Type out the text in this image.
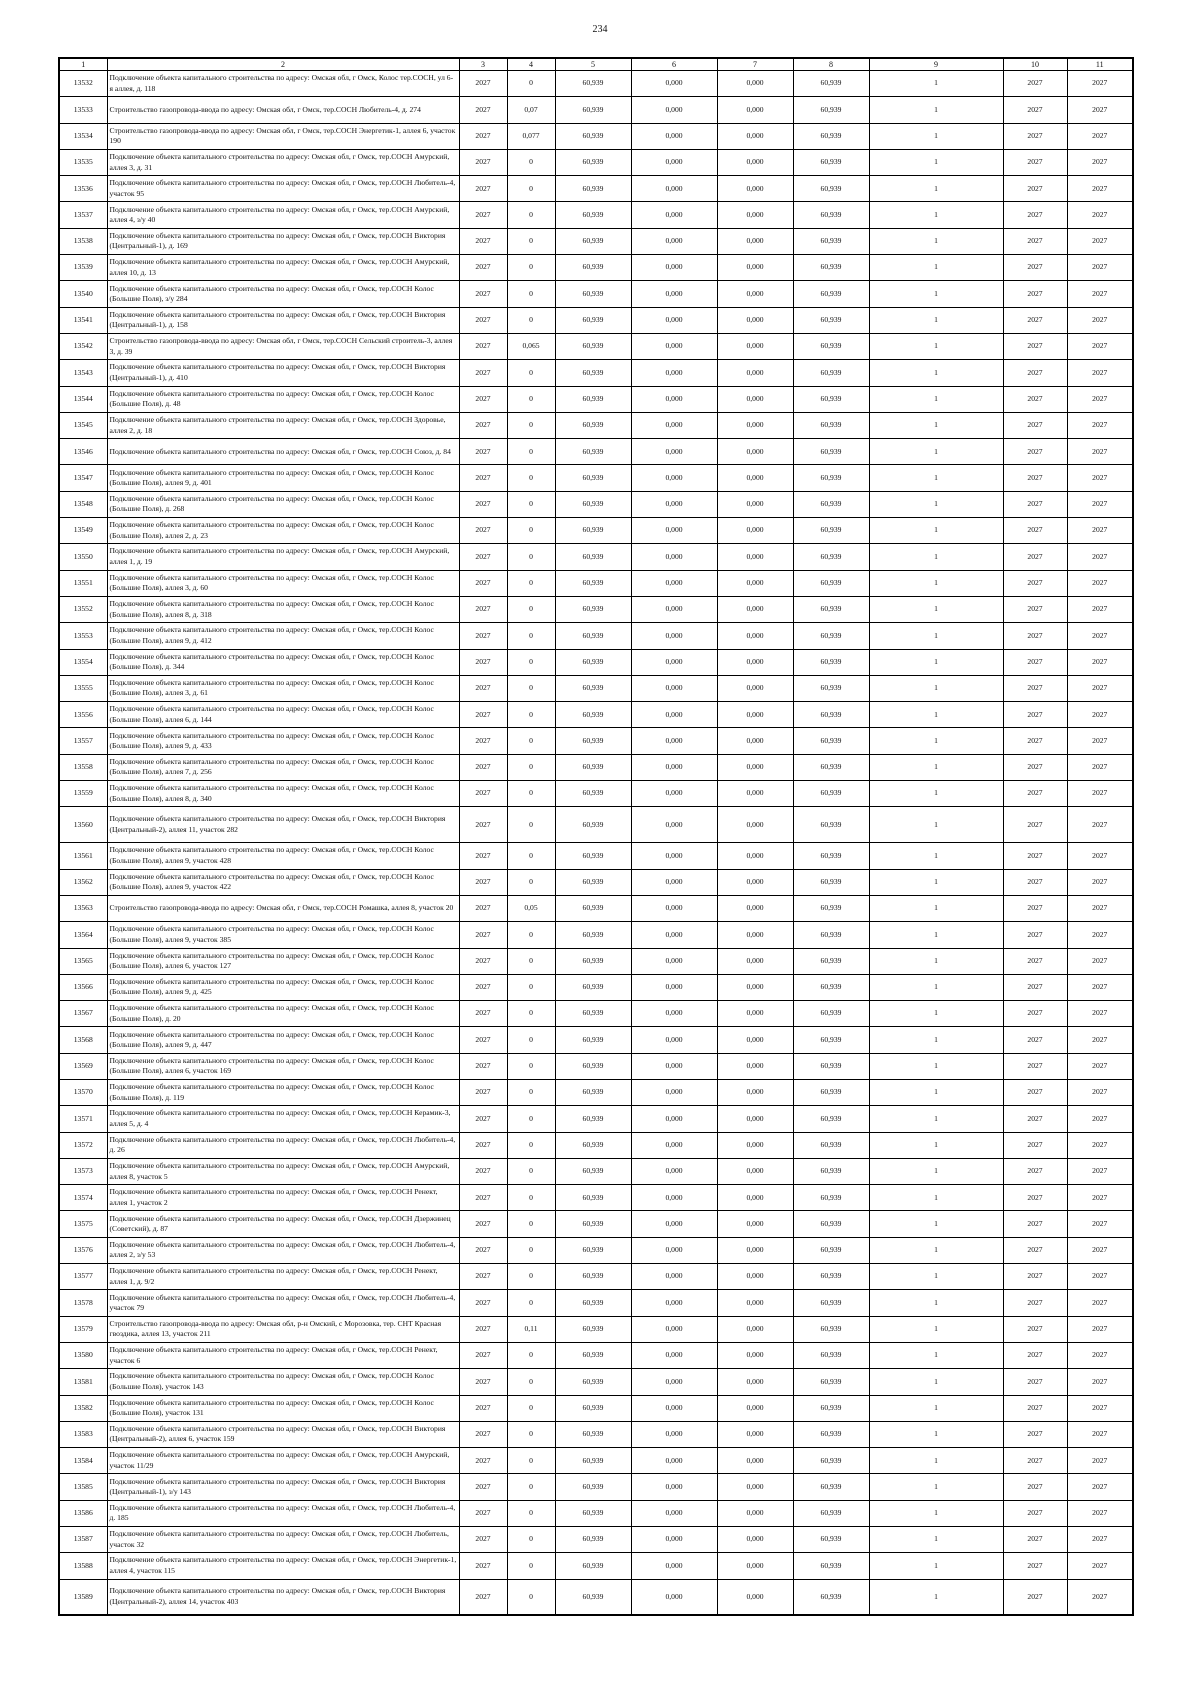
234
1	2	3	4	5	6	7	8	9	10	11
13532	Подключение объекта капитального строительства по адресу: Омская обл, г Омск, Колос тер.СОСН, ул 6-я аллея, д. 118	2027	0	60,939	0,000	0,000	60,939	1	2027	2027
13533	Строительство газопровода-ввода по адресу: Омская обл, г Омск, тер.СОСН Любитель-4, д. 274	2027	0,07	60,939	0,000	0,000	60,939	1	2027	2027
13534	Строительство газопровода-ввода по адресу: Омская обл, г Омск, тер.СОСН Энергетик-1, аллея 6, участок 190	2027	0,077	60,939	0,000	0,000	60,939	1	2027	2027
13535	Подключение объекта капитального строительства по адресу: Омская обл, г Омск, тер.СОСН Амурский, аллея 3, д. 31	2027	0	60,939	0,000	0,000	60,939	1	2027	2027
13536	Подключение объекта капитального строительства по адресу: Омская обл, г Омск, тер.СОСН Любитель-4, участок 95	2027	0	60,939	0,000	0,000	60,939	1	2027	2027
13537	Подключение объекта капитального строительства по адресу: Омская обл, г Омск, тер.СОСН Амурский, аллея 4, з/у 40	2027	0	60,939	0,000	0,000	60,939	1	2027	2027
13538	Подключение объекта капитального строительства по адресу: Омская обл, г Омск, тер.СОСН Виктория (Центральный-1), д. 169	2027	0	60,939	0,000	0,000	60,939	1	2027	2027
13539	Подключение объекта капитального строительства по адресу: Омская обл, г Омск, тер.СОСН Амурский, аллея 10, д. 13	2027	0	60,939	0,000	0,000	60,939	1	2027	2027
13540	Подключение объекта капитального строительства по адресу: Омская обл, г Омск, тер.СОСН Колос (Большие Поля), з/у 284	2027	0	60,939	0,000	0,000	60,939	1	2027	2027
13541	Подключение объекта капитального строительства по адресу: Омская обл, г Омск, тер.СОСН Виктория (Центральный-1), д. 158	2027	0	60,939	0,000	0,000	60,939	1	2027	2027
13542	Строительство газопровода-ввода по адресу: Омская обл, г Омск, тер.СОСН Сельский строитель-3, аллея 3, д. 39	2027	0,065	60,939	0,000	0,000	60,939	1	2027	2027
13543	Подключение объекта капитального строительства по адресу: Омская обл, г Омск, тер.СОСН Виктория (Центральный-1), д. 410	2027	0	60,939	0,000	0,000	60,939	1	2027	2027
13544	Подключение объекта капитального строительства по адресу: Омская обл, г Омск, тер.СОСН Колос (Большие Поля), д. 48	2027	0	60,939	0,000	0,000	60,939	1	2027	2027
13545	Подключение объекта капитального строительства по адресу: Омская обл, г Омск, тер.СОСН Здоровье, аллея 2, д. 18	2027	0	60,939	0,000	0,000	60,939	1	2027	2027
13546	Подключение объекта капитального строительства по адресу: Омская обл, г Омск, тер.СОСН Союз, д. 84	2027	0	60,939	0,000	0,000	60,939	1	2027	2027
13547	Подключение объекта капитального строительства по адресу: Омская обл, г Омск, тер.СОСН Колос (Большие Поля), аллея 9, д. 401	2027	0	60,939	0,000	0,000	60,939	1	2027	2027
13548	Подключение объекта капитального строительства по адресу: Омская обл, г Омск, тер.СОСН Колос (Большие Поля), д. 268	2027	0	60,939	0,000	0,000	60,939	1	2027	2027
13549	Подключение объекта капитального строительства по адресу: Омская обл, г Омск, тер.СОСН Колос (Большие Поля), аллея 2, д. 23	2027	0	60,939	0,000	0,000	60,939	1	2027	2027
13550	Подключение объекта капитального строительства по адресу: Омская обл, г Омск, тер.СОСН Амурский, аллея 1, д. 19	2027	0	60,939	0,000	0,000	60,939	1	2027	2027
13551	Подключение объекта капитального строительства по адресу: Омская обл, г Омск, тер.СОСН Колос (Большие Поля), аллея 3, д. 60	2027	0	60,939	0,000	0,000	60,939	1	2027	2027
13552	Подключение объекта капитального строительства по адресу: Омская обл, г Омск, тер.СОСН Колос (Большие Поля), аллея 8, д. 318	2027	0	60,939	0,000	0,000	60,939	1	2027	2027
13553	Подключение объекта капитального строительства по адресу: Омская обл, г Омск, тер.СОСН Колос (Большие Поля), аллея 9, д. 412	2027	0	60,939	0,000	0,000	60,939	1	2027	2027
13554	Подключение объекта капитального строительства по адресу: Омская обл, г Омск, тер.СОСН Колос (Большие Поля), д. 344	2027	0	60,939	0,000	0,000	60,939	1	2027	2027
13555	Подключение объекта капитального строительства по адресу: Омская обл, г Омск, тер.СОСН Колос (Большие Поля), аллея 3, д. 61	2027	0	60,939	0,000	0,000	60,939	1	2027	2027
13556	Подключение объекта капитального строительства по адресу: Омская обл, г Омск, тер.СОСН Колос (Большие Поля), аллея 6, д. 144	2027	0	60,939	0,000	0,000	60,939	1	2027	2027
13557	Подключение объекта капитального строительства по адресу: Омская обл, г Омск, тер.СОСН Колос (Большие Поля), аллея 9, д. 433	2027	0	60,939	0,000	0,000	60,939	1	2027	2027
13558	Подключение объекта капитального строительства по адресу: Омская обл, г Омск, тер.СОСН Колос (Большие Поля), аллея 7, д. 256	2027	0	60,939	0,000	0,000	60,939	1	2027	2027
13559	Подключение объекта капитального строительства по адресу: Омская обл, г Омск, тер.СОСН Колос (Большие Поля), аллея 8, д. 340	2027	0	60,939	0,000	0,000	60,939	1	2027	2027
13560	Подключение объекта капитального строительства по адресу: Омская обл, г Омск, тер.СОСН Виктория (Центральный-2), аллея 11, участок 282	2027	0	60,939	0,000	0,000	60,939	1	2027	2027
13561	Подключение объекта капитального строительства по адресу: Омская обл, г Омск, тер.СОСН Колос (Большие Поля), аллея 9, участок 428	2027	0	60,939	0,000	0,000	60,939	1	2027	2027
13562	Подключение объекта капитального строительства по адресу: Омская обл, г Омск, тер.СОСН Колос (Большие Поля), аллея 9, участок 422	2027	0	60,939	0,000	0,000	60,939	1	2027	2027
13563	Строительство газопровода-ввода по адресу: Омская обл, г Омск, тер.СОСН Ромашка, аллея 8, участок 20	2027	0,05	60,939	0,000	0,000	60,939	1	2027	2027
13564	Подключение объекта капитального строительства по адресу: Омская обл, г Омск, тер.СОСН Колос (Большие Поля), аллея 9, участок 385	2027	0	60,939	0,000	0,000	60,939	1	2027	2027
13565	Подключение объекта капитального строительства по адресу: Омская обл, г Омск, тер.СОСН Колос (Большие Поля), аллея 6, участок 127	2027	0	60,939	0,000	0,000	60,939	1	2027	2027
13566	Подключение объекта капитального строительства по адресу: Омская обл, г Омск, тер.СОСН Колос (Большие Поля), аллея 9, д. 425	2027	0	60,939	0,000	0,000	60,939	1	2027	2027
13567	Подключение объекта капитального строительства по адресу: Омская обл, г Омск, тер.СОСН Колос (Большие Поля), д. 20	2027	0	60,939	0,000	0,000	60,939	1	2027	2027
13568	Подключение объекта капитального строительства по адресу: Омская обл, г Омск, тер.СОСН Колос (Большие Поля), аллея 9, д. 447	2027	0	60,939	0,000	0,000	60,939	1	2027	2027
13569	Подключение объекта капитального строительства по адресу: Омская обл, г Омск, тер.СОСН Колос (Большие Поля), аллея 6, участок 169	2027	0	60,939	0,000	0,000	60,939	1	2027	2027
13570	Подключение объекта капитального строительства по адресу: Омская обл, г Омск, тер.СОСН Колос (Большие Поля), д. 119	2027	0	60,939	0,000	0,000	60,939	1	2027	2027
13571	Подключение объекта капитального строительства по адресу: Омская обл, г Омск, тер.СОСН Керамик-3, аллея 5, д. 4	2027	0	60,939	0,000	0,000	60,939	1	2027	2027
13572	Подключение объекта капитального строительства по адресу: Омская обл, г Омск, тер.СОСН Любитель-4, д. 26	2027	0	60,939	0,000	0,000	60,939	1	2027	2027
13573	Подключение объекта капитального строительства по адресу: Омская обл, г Омск, тер.СОСН Амурский, аллея 8, участок 5	2027	0	60,939	0,000	0,000	60,939	1	2027	2027
13574	Подключение объекта капитального строительства по адресу: Омская обл, г Омск, тер.СОСН Ренект, аллея 1, участок 2	2027	0	60,939	0,000	0,000	60,939	1	2027	2027
13575	Подключение объекта капитального строительства по адресу: Омская обл, г Омск, тер.СОСН Дзержинец (Советский), д. 87	2027	0	60,939	0,000	0,000	60,939	1	2027	2027
13576	Подключение объекта капитального строительства по адресу: Омская обл, г Омск, тер.СОСН Любитель-4, аллея 2, з/у 53	2027	0	60,939	0,000	0,000	60,939	1	2027	2027
13577	Подключение объекта капитального строительства по адресу: Омская обл, г Омск, тер.СОСН Ренект, аллея 1, д. 9/2	2027	0	60,939	0,000	0,000	60,939	1	2027	2027
13578	Подключение объекта капитального строительства по адресу: Омская обл, г Омск, тер.СОСН Любитель-4, участок 79	2027	0	60,939	0,000	0,000	60,939	1	2027	2027
13579	Строительство газопровода-ввода по адресу: Омская обл, р-н Омский, с Морозовка, тер. СНТ Красная гвоздика, аллея 13, участок 211	2027	0,11	60,939	0,000	0,000	60,939	1	2027	2027
13580	Подключение объекта капитального строительства по адресу: Омская обл, г Омск, тер.СОСН Ренект, участок 6	2027	0	60,939	0,000	0,000	60,939	1	2027	2027
13581	Подключение объекта капитального строительства по адресу: Омская обл, г Омск, тер.СОСН Колос (Большие Поля), участок 143	2027	0	60,939	0,000	0,000	60,939	1	2027	2027
13582	Подключение объекта капитального строительства по адресу: Омская обл, г Омск, тер.СОСН Колос (Большие Поля), участок 131	2027	0	60,939	0,000	0,000	60,939	1	2027	2027
13583	Подключение объекта капитального строительства по адресу: Омская обл, г Омск, тер.СОСН Виктория (Центральный-2), аллея 6, участок 159	2027	0	60,939	0,000	0,000	60,939	1	2027	2027
13584	Подключение объекта капитального строительства по адресу: Омская обл, г Омск, тер.СОСН Амурский, участок 11/29	2027	0	60,939	0,000	0,000	60,939	1	2027	2027
13585	Подключение объекта капитального строительства по адресу: Омская обл, г Омск, тер.СОСН Виктория (Центральный-1), з/у 143	2027	0	60,939	0,000	0,000	60,939	1	2027	2027
13586	Подключение объекта капитального строительства по адресу: Омская обл, г Омск, тер.СОСН Любитель-4, д. 185	2027	0	60,939	0,000	0,000	60,939	1	2027	2027
13587	Подключение объекта капитального строительства по адресу: Омская обл, г Омск, тер.СОСН Любитель, участок 32	2027	0	60,939	0,000	0,000	60,939	1	2027	2027
13588	Подключение объекта капитального строительства по адресу: Омская обл, г Омск, тер.СОСН Энергетик-1, аллея 4, участок 115	2027	0	60,939	0,000	0,000	60,939	1	2027	2027
13589	Подключение объекта капитального строительства по адресу: Омская обл, г Омск, тер.СОСН Виктория (Центральный-2), аллея 14, участок 403	2027	0	60,939	0,000	0,000	60,939	1	2027	2027
